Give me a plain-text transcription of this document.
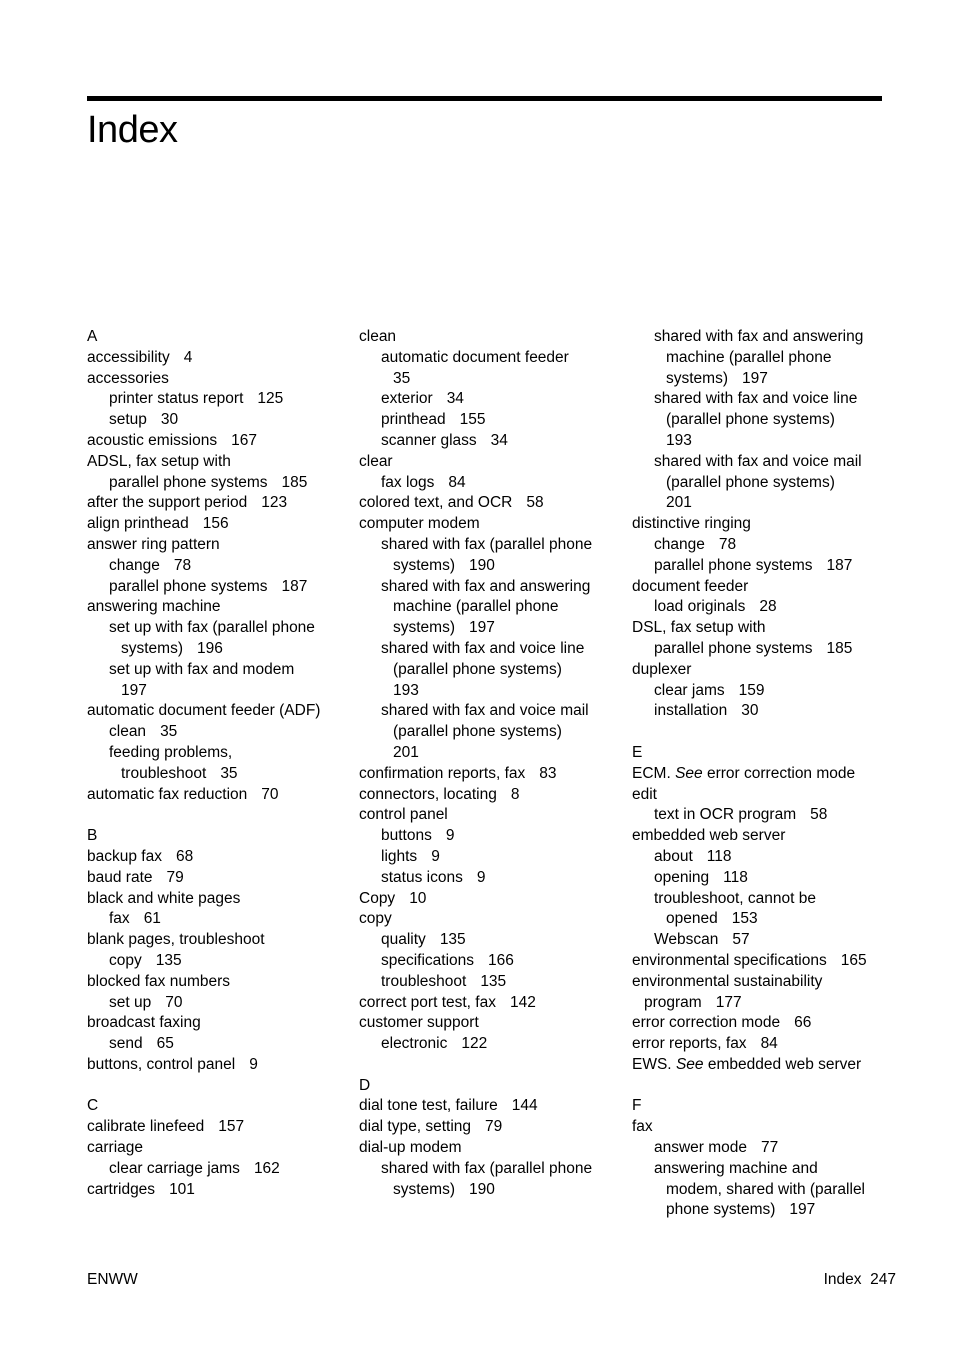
Index
A
accessibility 4
accessories
printer status report 125
setup 30
acoustic emissions 167
ADSL, fax setup with
parallel phone systems 185
after the support period 123
align printhead 156
answer ring pattern
change 78
parallel phone systems 187
answering machine
set up with fax (parallel phone
systems) 196
set up with fax and modem
197
automatic document feeder (ADF)
clean 35
feeding problems,
troubleshoot 35
automatic fax reduction 70
B
backup fax 68
baud rate 79
black and white pages
fax 61
blank pages, troubleshoot
copy 135
blocked fax numbers
set up 70
broadcast faxing
send 65
buttons, control panel 9
C
calibrate linefeed 157
carriage
clear carriage jams 162
cartridges 101
clean
automatic document feeder
35
exterior 34
printhead 155
scanner glass 34
clear
fax logs 84
colored text, and OCR 58
computer modem
shared with fax (parallel phone
systems) 190
shared with fax and answering
machine (parallel phone
systems) 197
shared with fax and voice line
(parallel phone systems)
193
shared with fax and voice mail
(parallel phone systems)
201
confirmation reports, fax 83
connectors, locating 8
control panel
buttons 9
lights 9
status icons 9
Copy 10
copy
quality 135
specifications 166
troubleshoot 135
correct port test, fax 142
customer support
electronic 122
D
dial tone test, failure 144
dial type, setting 79
dial-up modem
shared with fax (parallel phone
systems) 190
shared with fax and answering
machine (parallel phone
systems) 197
shared with fax and voice line
(parallel phone systems)
193
shared with fax and voice mail
(parallel phone systems)
201
distinctive ringing
change 78
parallel phone systems 187
document feeder
load originals 28
DSL, fax setup with
parallel phone systems 185
duplexer
clear jams 159
installation 30
E
ECM. See error correction mode
edit
text in OCR program 58
embedded web server
about 118
opening 118
troubleshoot, cannot be
opened 153
Webscan 57
environmental specifications 165
environmental sustainability
program 177
error correction mode 66
error reports, fax 84
EWS. See embedded web server
F
fax
answer mode 77
answering machine and
modem, shared with (parallel
phone systems) 197
ENWW	Index 247
